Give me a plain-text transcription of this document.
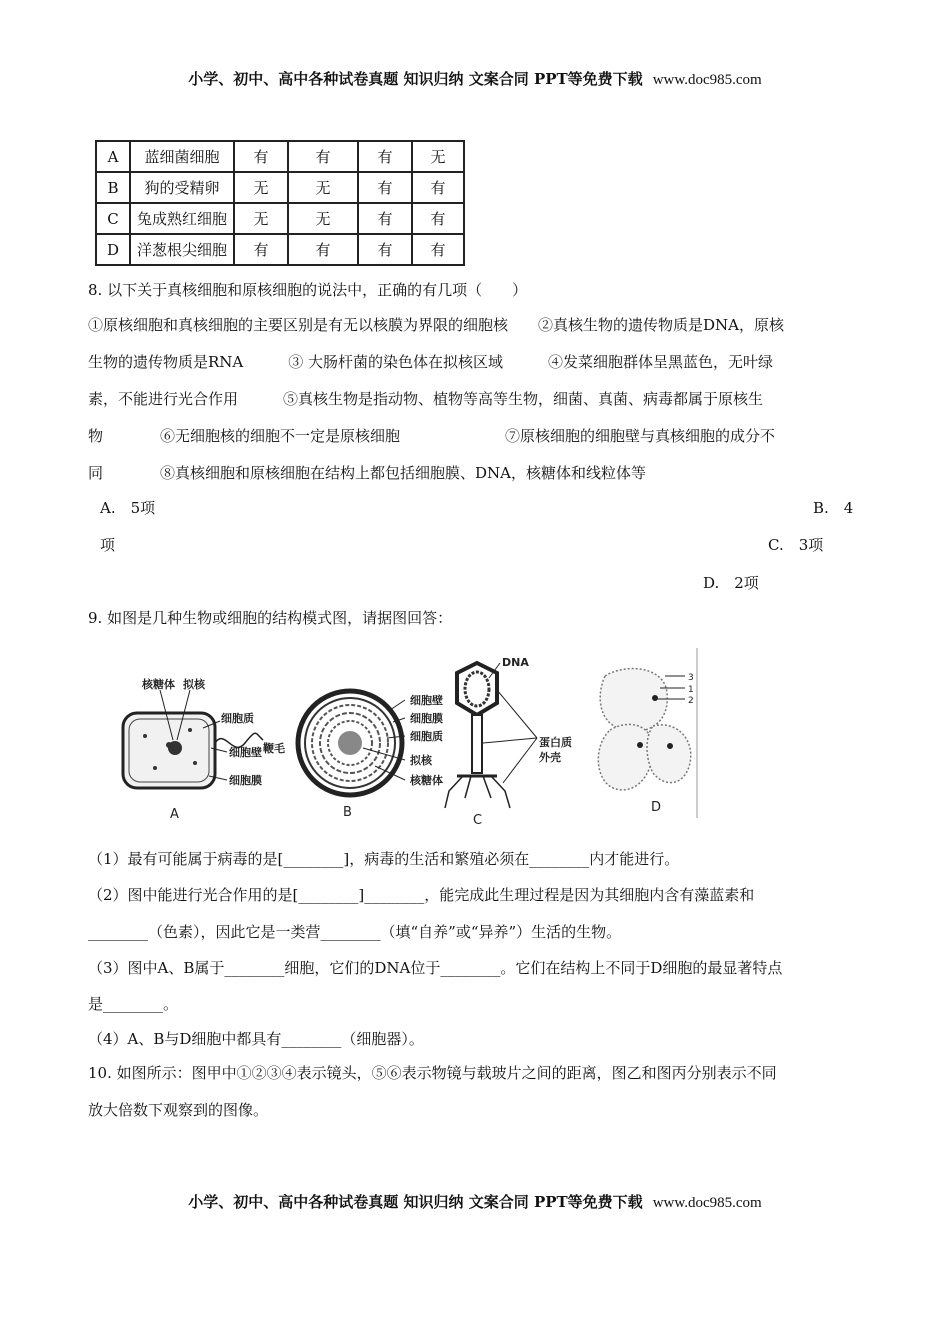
小学、初中、高中各种试卷真题 知识归纳 文案合同 PPT等免费下载 www.doc985.com
A	蓝细菌细胞	有	有	有	无
B	狗的受精卵	无	无	有	有
C	兔成熟红细胞	无	无	有	有
D	洋葱根尖细胞	有	有	有	有
8. 以下关于真核细胞和原核细胞的说法中，正确的有几项（　　）
①原核细胞和真核细胞的主要区别是有无以核膜为界限的细胞核　　②真核生物的遗传物质是DNA，原核
生物的遗传物质是RNA　　　③ 大肠杆菌的染色体在拟核区域　　　④发菜细胞群体呈黑蓝色，无叶绿
素，不能进行光合作用　　　⑤真核生物是指动物、植物等高等生物，细菌、真菌、病毒都属于原核生
物	⑥无细胞核的细胞不一定是原核细胞	⑦原核细胞的细胞壁与真核细胞的成分不
同	⑧真核细胞和原核细胞在结构上都包括细胞膜、DNA，核糖体和线粒体等
A.　5项	B.　4
项	C.　3项
D.　2项
9. 如图是几种生物或细胞的结构模式图，请据图回答：
核糖体 拟核
细胞质
鞭毛
细胞壁
细胞膜
A
细胞壁
细胞膜
细胞质
拟核
核糖体
B
DNA
蛋白质
外壳
C
3
1
2
D
（1）最有可能属于病毒的是[________]，病毒的生活和繁殖必须在________内才能进行。
（2）图中能进行光合作用的是[________]________，能完成此生理过程是因为其细胞内含有藻蓝素和
________（色素），因此它是一类营________（填“自养”或“异养”）生活的生物。
（3）图中A、B属于________细胞，它们的DNA位于________。它们在结构上不同于D细胞的最显著特点
是________。
（4）A、B与D细胞中都具有________（细胞器）。
10. 如图所示：图甲中①②③④表示镜头，⑤⑥表示物镜与载玻片之间的距离，图乙和图丙分别表示不同
放大倍数下观察到的图像。
小学、初中、高中各种试卷真题 知识归纳 文案合同 PPT等免费下载 www.doc985.com
